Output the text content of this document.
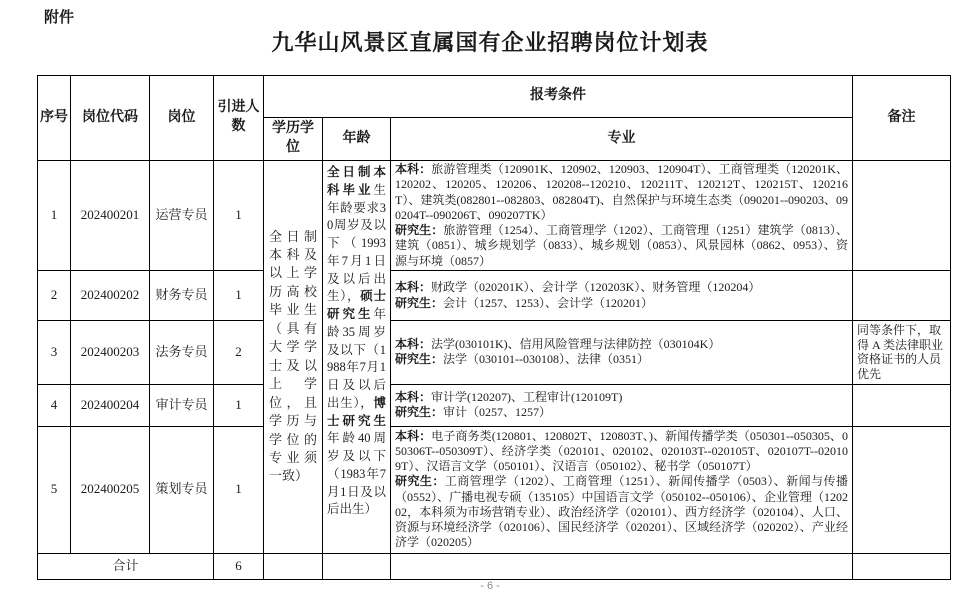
附件
九华山风景区直属国有企业招聘岗位计划表
序号	岗位代码	岗位	引进人数	报考条件			备注
				学历学位	年龄	专业	
1	202400201	运营专员	1	全日制本科及以上学历高校毕业生（具有大学学士及以上学位，且学历与学位的专业须一致）	全日制本科毕业生年龄要求30周岁及以下（1993年7月1日及以后出生），硕士研究生年龄35周岁及以下（1988年7月1日及以后出生），博士研究生年龄40周岁及以下（1983年7月1日及以后出生）	本科：旅游管理类（120901K、120902、120903、120904T）、工商管理类（120201K、120202、120205、120206、120208--120210、120211T、120212T、120215T、120216T）、建筑类(082801--082803、082804T)、自然保护与环境生态类（090201--090203、090204T--090206T、090207TK）
研究生：旅游管理（1254）、工商管理学（1202）、工商管理（1251）建筑学（0813）、建筑（0851）、城乡规划学（0833）、城乡规划（0853）、风景园林（0862、0953）、资源与环境（0857）	

2	202400202	财务专员	1			本科：财政学（020201K）、会计学（120203K）、财务管理（120204）
研究生：会计（1257、1253）、会计学（120201）	

3	202400203	法务专员	2			本科：法学(030101K)、信用风险管理与法律防控（030104K）
研究生：法学（030101--030108）、法律（0351）	同等条件下，取得 A 类法律职业资格证书的人员优先
4	202400204	审计专员	1			本科：审计学(120207)、工程审计(120109T)
研究生：审计（0257、1257）	

5	202400205	策划专员	1			本科：电子商务类(120801、120802T、120803T、)、新闻传播学类（050301--050305、050306T--050309T）、经济学类（020101、020102、020103T--020105T、020107T--020109T）、汉语言文学（050101）、汉语言（050102）、秘书学（050107T）
研究生：工商管理学（1202）、工商管理（1251）、新闻传播学（0503）、新闻与传播（0552）、广播电视专硕（135105）中国语言文学（050102--050106）、企业管理（120202，本科须为市场营销专业）、政治经济学（020101）、西方经济学（020104）、人口、资源与环境经济学（020106）、国民经济学（020201）、区域经济学（020202）、产业经济学（020205）	

合计			6				
- 6 -
